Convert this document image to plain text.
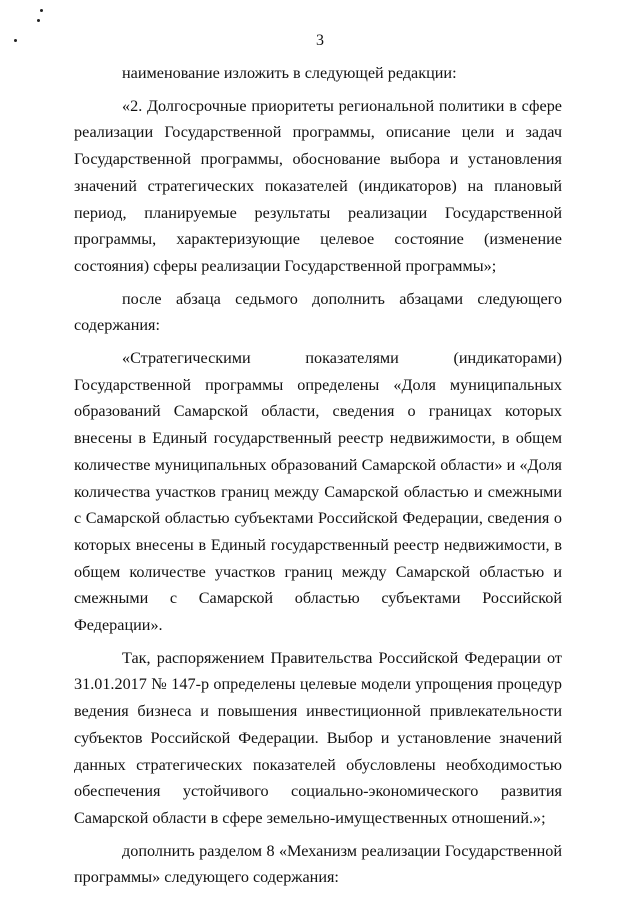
3

наименование изложить в следующей редакции:

«2. Долгосрочные приоритеты региональной политики в сфере реализации Государственной программы, описание цели и задач Государственной программы, обоснование выбора и установления значений стратегических показателей (индикаторов) на плановый период, планируемые результаты реализации Государственной программы, характеризующие целевое состояние (изменение состояния) сферы реализации Государственной программы»;

после абзаца седьмого дополнить абзацами следующего содержания:

«Стратегическими показателями (индикаторами) Государственной программы определены «Доля муниципальных образований Самарской области, сведения о границах которых внесены в Единый государственный реестр недвижимости, в общем количестве муниципальных образований Самарской области» и «Доля количества участков границ между Самарской областью и смежными с Самарской областью субъектами Российской Федерации, сведения о которых внесены в Единый государственный реестр недвижимости, в общем количестве участков границ между Самарской областью и смежными с Самарской областью субъектами Российской Федерации».

Так, распоряжением Правительства Российской Федерации от 31.01.2017 № 147-р определены целевые модели упрощения процедур ведения бизнеса и повышения инвестиционной привлекательности субъектов Российской Федерации. Выбор и установление значений данных стратегических показателей обусловлены необходимостью обеспечения устойчивого социально-экономического развития Самарской области в сфере земельно-имущественных отношений.»;

дополнить разделом 8 «Механизм реализации Государственной программы» следующего содержания:
